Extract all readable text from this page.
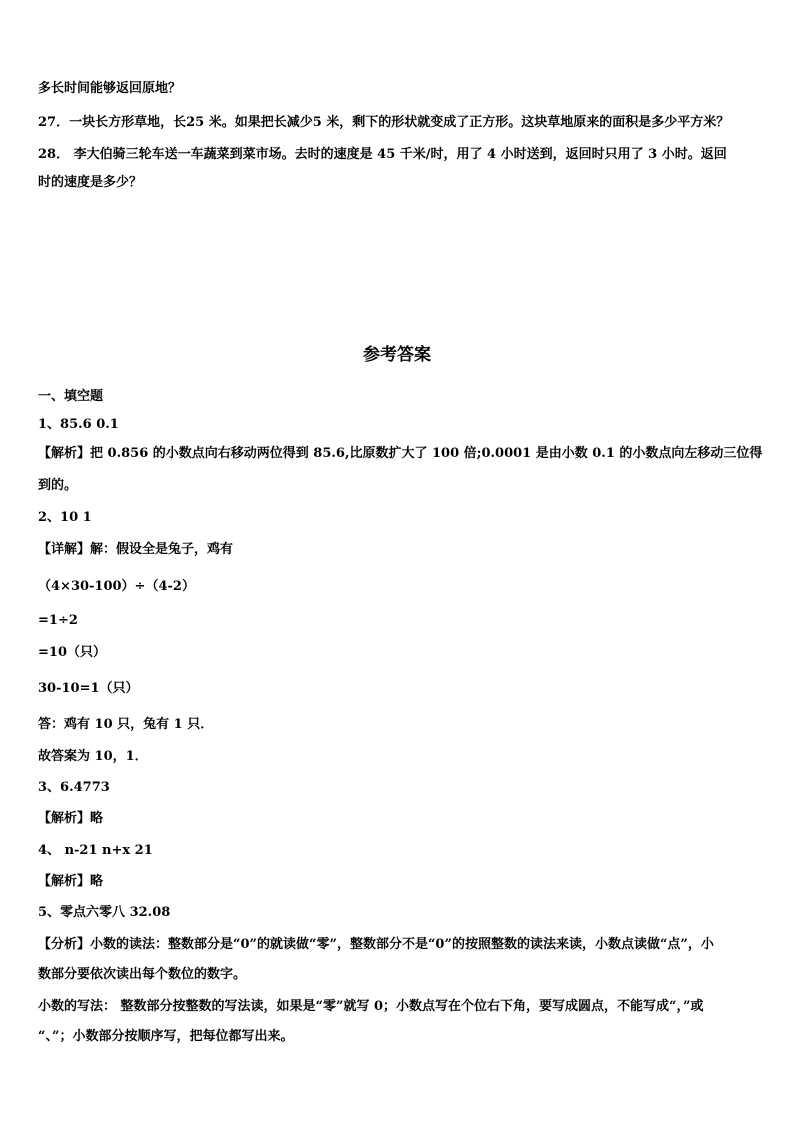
多长时间能够返回原地？
27．一块长方形草地，长25 米。如果把长减少5 米，剩下的形状就变成了正方形。这块草地原来的面积是多少平方米？
28． 李大伯骑三轮车送一车蔬菜到菜市场。去时的速度是 45 千米/时，用了 4 小时送到，返回时只用了 3 小时。返回
时的速度是多少？
参考答案
一、填空题
1、85.6 0.1
【解析】把 0.856 的小数点向右移动两位得到 85.6,比原数扩大了 100 倍;0.0001 是由小数 0.1 的小数点向左移动三位得
到的。
2、10 1
【详解】解：假设全是兔子，鸡有
（4×30-100）÷（4-2）
=1÷2
=10（只）
30-10=1（只）
答：鸡有 10 只，兔有 1 只．
故答案为 10，1．
3、6.4773
【解析】略
4、 n-21 n+x 21
【解析】略
5、零点六零八 32.08
【分析】小数的读法：整数部分是“0”的就读做“零”，整数部分不是“0”的按照整数的读法来读，小数点读做“点”，小
数部分要依次读出每个数位的数字。
小数的写法： 整数部分按整数的写法读，如果是“零”就写 0；小数点写在个位右下角，要写成圆点，不能写成“，”或
“、”；小数部分按顺序写，把每位都写出来。
